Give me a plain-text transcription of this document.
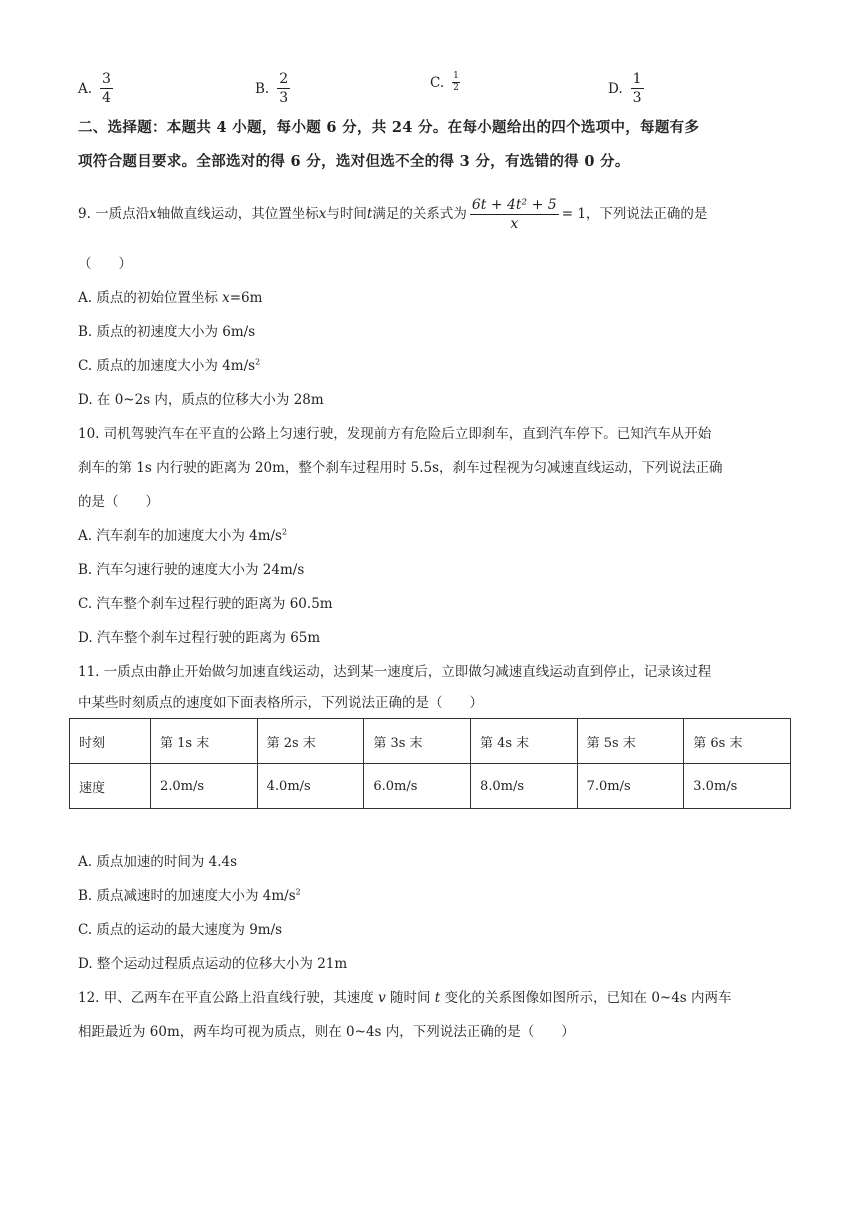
A. $\frac{3}{4}$	B. $\frac{2}{3}$	C. $\frac{1}{2}$	D. $\frac{1}{3}$
二、选择题：本题共 4 小题，每小题 6 分，共 24 分。在每小题给出的四个选项中，每题有多
项符合题目要求。全部选对的得 6 分，选对但选不全的得 3 分，有选错的得 0 分。
9. 一质点沿 x 轴做直线运动，其位置坐标 x 与时间 t 满足的关系式为 $\frac{\text{6t + 4t² + 5}}{x} = 1$ ，下列说法正确的是
（　　）
A. 质点的初始位置坐标 x=6m
B. 质点的初速度大小为 6m/s
C. 质点的加速度大小为 $4m/s^2$
D. 在 0~2s 内，质点的位移大小为 28m
10. 司机驾驶汽车在平直的公路上匀速行驶，发现前方有危险后立即刹车，直到汽车停下。已知汽车从开始
刹车的第 1s 内行驶的距离为 20m，整个刹车过程用时 5.5s，刹车过程视为匀减速直线运动，下列说法正确
的是（　　）
A. 汽车刹车的加速度大小为 $4m/s^2$
B. 汽车匀速行驶的速度大小为 24m/s
C. 汽车整个刹车过程行驶的距离为 60.5m
D. 汽车整个刹车过程行驶的距离为 65m
11. 一质点由静止开始做匀加速直线运动，达到某一速度后，立即做匀减速直线运动直到停止，记录该过程
中某些时刻质点的速度如下面表格所示，下列说法正确的是（　　）
时刻	第 1s 末	第 2s 末	第 3s 末	第 4s 末	第 5s 末	第 6s 末
速度	2.0m/s	4.0m/s	6.0m/s	8.0m/s	7.0m/s	3.0m/s
A. 质点加速的时间为 4.4s
B. 质点减速时的加速度大小为 $4m/s^2$
C. 质点的运动的最大速度为 9m/s
D. 整个运动过程质点运动的位移大小为 21m
12. 甲、乙两车在平直公路上沿直线行驶，其速度 v 随时间 t 变化的关系图像如图所示，已知在 0~4s 内两车
相距最近为 60m，两车均可视为质点，则在 0~4s 内，下列说法正确的是（　　）
